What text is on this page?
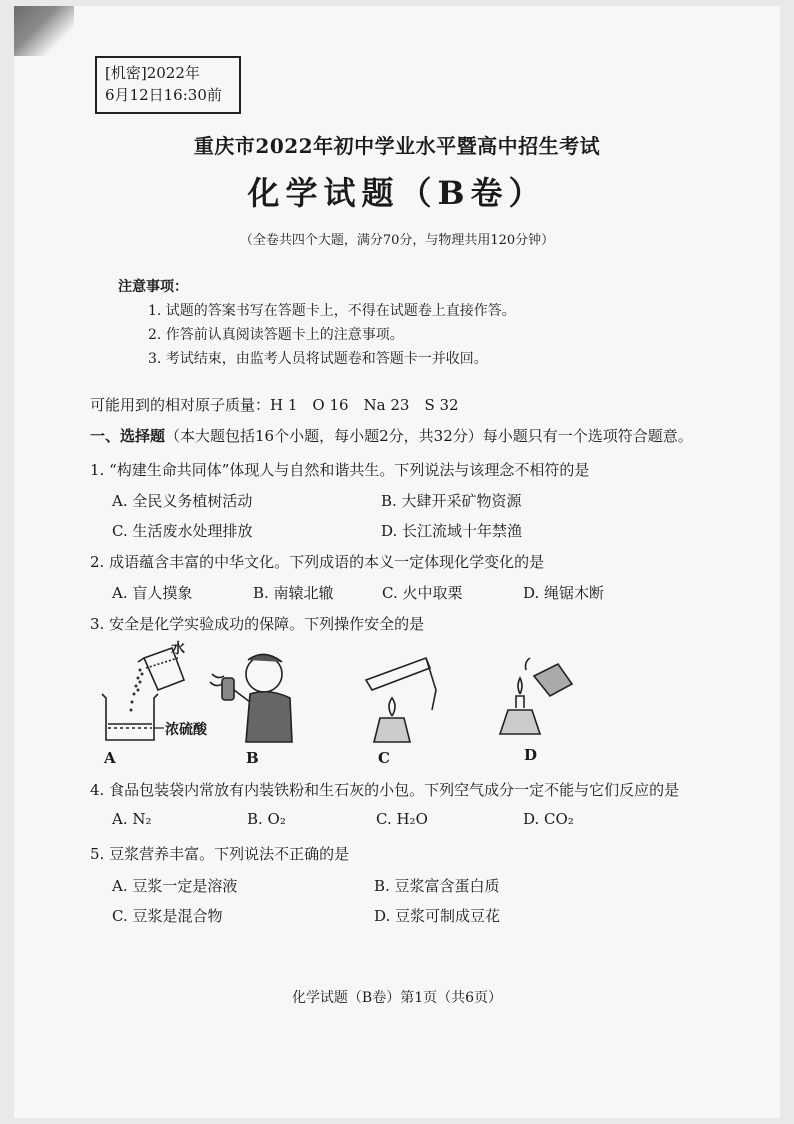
[机密]2022年
6月12日16:30前
重庆市2022年初中学业水平暨高中招生考试
化学试题（B卷）
（全卷共四个大题，满分70分，与物理共用120分钟）
注意事项：
1. 试题的答案书写在答题卡上，不得在试题卷上直接作答。
2. 作答前认真阅读答题卡上的注意事项。
3. 考试结束，由监考人员将试题卷和答题卡一并收回。
可能用到的相对原子质量：H 1　O 16　Na 23　S 32
一、选择题（本大题包括16个小题，每小题2分，共32分）每小题只有一个选项符合题意。
1. “构建生命共同体”体现人与自然和谐共生。下列说法与该理念不相符的是
A. 全民义务植树活动	B. 大肆开采矿物资源
C. 生活废水处理排放	D. 长江流域十年禁渔
2. 成语蕴含丰富的中华文化。下列成语的本义一定体现化学变化的是
A. 盲人摸象	B. 南辕北辙	C. 火中取栗	D. 绳锯木断
3. 安全是化学实验成功的保障。下列操作安全的是
水
浓硫酸
A	B	C	D
4. 食品包装袋内常放有内装铁粉和生石灰的小包。下列空气成分一定不能与它们反应的是
A. N₂	B. O₂	C. H₂O	D. CO₂
5. 豆浆营养丰富。下列说法不正确的是
A. 豆浆一定是溶液	B. 豆浆富含蛋白质
C. 豆浆是混合物	D. 豆浆可制成豆花
化学试题（B卷）第1页（共6页）
